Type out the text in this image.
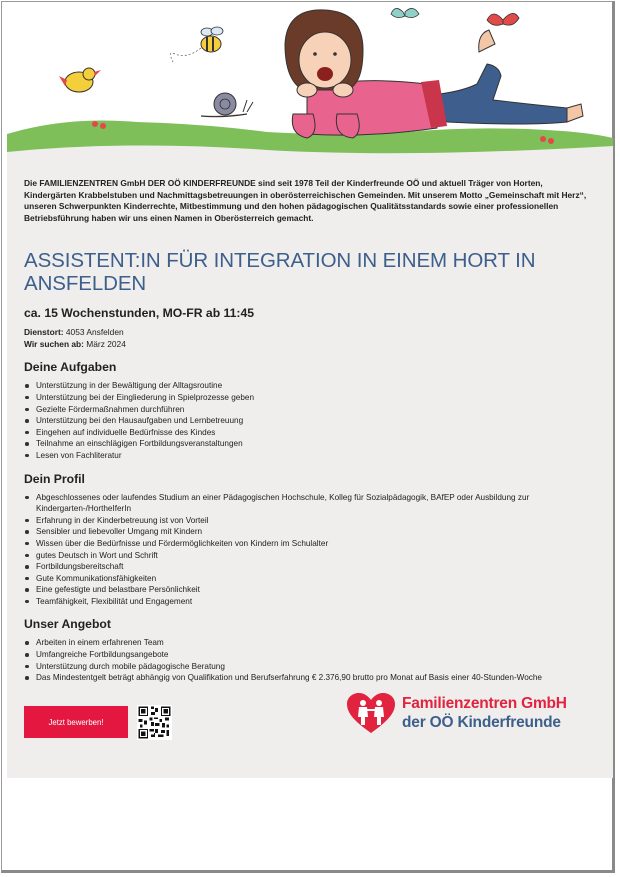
Die FAMILIENZENTREN GmbH DER OÖ KINDERFREUNDE sind seit 1978 Teil der Kinderfreunde OÖ und aktuell Träger von Horten, Kindergärten Krabbelstuben und Nachmittagsbetreuungen in oberösterreichischen Gemeinden. Mit unserem Motto „Gemeinschaft mit Herz“, unseren Schwerpunkten Kinderrechte, Mitbestimmung und den hohen pädagogischen Qualitätsstandards sowie einer professionellen Betriebsführung haben wir uns einen Namen in Oberösterreich gemacht.

ASSISTENT:IN FÜR INTEGRATION IN EINEM HORT IN ANSFELDEN

ca. 15 Wochenstunden, MO-FR ab 11:45

Dienstort: 4053 Ansfelden
Wir suchen ab: März 2024
Deine Aufgaben
Unterstützung in der Bewältigung der Alltagsroutine
Unterstützung bei der Eingliederung in Spielprozesse geben
Gezielte Fördermaßnahmen durchführen
Unterstützung bei den Hausaufgaben und Lernbetreuung
Eingehen auf individuelle Bedürfnisse des Kindes
Teilnahme an einschlägigen Fortbildungsveranstaltungen
Lesen von Fachliteratur
Dein Profil
Abgeschlossenes oder laufendes Studium an einer Pädagogischen Hochschule, Kolleg für Sozialpädagogik, BAfEP oder Ausbildung zur Kindergarten-/HortheIferIn
Erfahrung in der Kinderbetreuung ist von Vorteil
Sensibler und liebevoller Umgang mit Kindern
Wissen über die Bedürfnisse und Fördermöglichkeiten von Kindern im Schulalter
gutes Deutsch in Wort und Schrift
Fortbildungsbereitschaft
Gute Kommunikationsfähigkeiten
Eine gefestigte und belastbare Persönlichkeit
Teamfähigkeit, Flexibilität und Engagement
Unser Angebot
Arbeiten in einem erfahrenen Team
Umfangreiche Fortbildungsangebote
Unterstützung durch mobile pädagogische Beratung
Das Mindestentgelt beträgt abhängig von Qualifikation und Berufserfahrung € 2.376,90 brutto pro Monat auf Basis einer 40-Stunden-Woche
Jetzt bewerben!
Familienzentren GmbH
der OÖ Kinderfreunde
